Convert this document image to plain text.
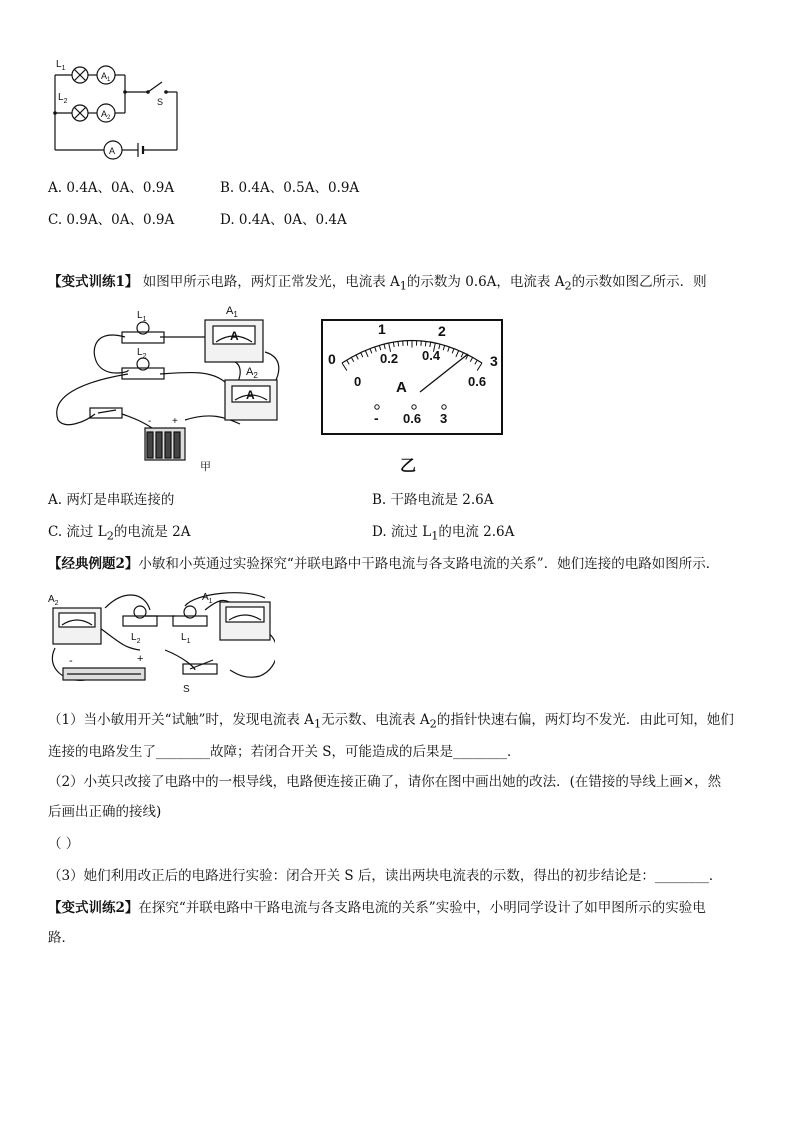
$L_1$
$L_2$
$A_1$
$A_2$
A
S
A. 0.4A、0A、0.9A	B. 0.4A、0.5A、0.9A
C. 0.9A、0A、0.9A	D. 0.4A、0A、0.4A
【变式训练1】 如图甲所示电路，两灯正常发光，电流表 $A_1$的示数为 0.6A，电流表 $A_2$的示数如图乙所示．则
$L_1$
$L_2$
$A_1$
A
$A_2$
A
- +
甲
0
1	2
3
0
0.2 0.4
0.6
A
- 0.6 3
乙
A. 两灯是串联连接的	B. 干路电流是 2.6A
C. 流过 $L_2$的电流是 2A	D. 流过 $L_1$的电流 2.6A
【经典例题2】小敏和小英通过实验探究“并联电路中干路电流与各支路电流的关系”．她们连接的电路如图所示．
$A_2$
$A_1$
$L_2$	$L_1$
-	+
S
（1）当小敏用开关“试触”时，发现电流表 $A_1$无示数、电流表 $A_2$的指针快速右偏，两灯均不发光．由此可知，她们
连接的电路发生了________故障；若闭合开关 S，可能造成的后果是________．
（2）小英只改接了电路中的一根导线，电路便连接正确了，请你在图中画出她的改法．(在错接的导线上画×，然
后画出正确的接线)
（ ）
（3）她们利用改正后的电路进行实验：闭合开关 S 后，读出两块电流表的示数，得出的初步结论是：________．
【变式训练2】在探究“并联电路中干路电流与各支路电流的关系”实验中，小明同学设计了如甲图所示的实验电
路．
